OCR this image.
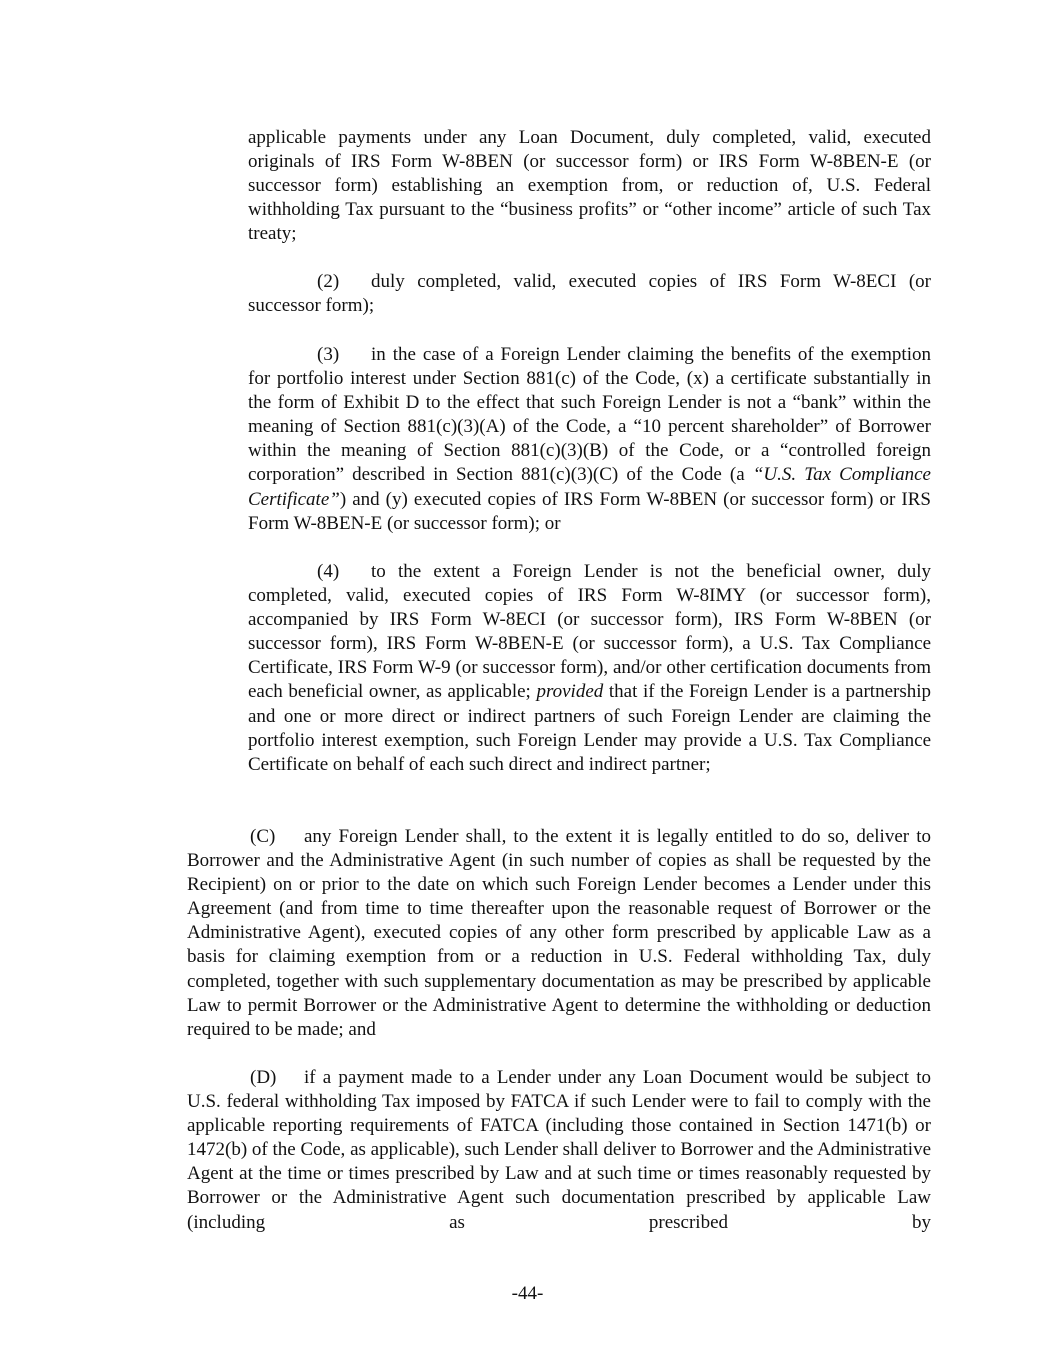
applicable payments under any Loan Document, duly completed, valid, executed originals of IRS Form W-8BEN (or successor form) or IRS Form W-8BEN-E (or successor form) establishing an exemption from, or reduction of, U.S. Federal withholding Tax pursuant to the “business profits” or “other income” article of such Tax treaty;

(2) duly completed, valid, executed copies of IRS Form W-8ECI (or successor form);

(3) in the case of a Foreign Lender claiming the benefits of the exemption for portfolio interest under Section 881(c) of the Code, (x) a certificate substantially in the form of Exhibit D to the effect that such Foreign Lender is not a “bank” within the meaning of Section 881(c)(3)(A) of the Code, a “10 percent shareholder” of Borrower within the meaning of Section 881(c)(3)(B) of the Code, or a “controlled foreign corporation” described in Section 881(c)(3)(C) of the Code (a “U.S. Tax Compliance Certificate”) and (y) executed copies of IRS Form W-8BEN (or successor form) or IRS Form W-8BEN-E (or successor form); or

(4) to the extent a Foreign Lender is not the beneficial owner, duly completed, valid, executed copies of IRS Form W-8IMY (or successor form), accompanied by IRS Form W-8ECI (or successor form), IRS Form W-8BEN (or successor form), IRS Form W-8BEN-E (or successor form), a U.S. Tax Compliance Certificate, IRS Form W-9 (or successor form), and/or other certification documents from each beneficial owner, as applicable; provided that if the Foreign Lender is a partnership and one or more direct or indirect partners of such Foreign Lender are claiming the portfolio interest exemption, such Foreign Lender may provide a U.S. Tax Compliance Certificate on behalf of each such direct and indirect partner;

(C) any Foreign Lender shall, to the extent it is legally entitled to do so, deliver to Borrower and the Administrative Agent (in such number of copies as shall be requested by the Recipient) on or prior to the date on which such Foreign Lender becomes a Lender under this Agreement (and from time to time thereafter upon the reasonable request of Borrower or the Administrative Agent), executed copies of any other form prescribed by applicable Law as a basis for claiming exemption from or a reduction in U.S. Federal withholding Tax, duly completed, together with such supplementary documentation as may be prescribed by applicable Law to permit Borrower or the Administrative Agent to determine the withholding or deduction required to be made; and

(D) if a payment made to a Lender under any Loan Document would be subject to U.S. federal withholding Tax imposed by FATCA if such Lender were to fail to comply with the applicable reporting requirements of FATCA (including those contained in Section 1471(b) or 1472(b) of the Code, as applicable), such Lender shall deliver to Borrower and the Administrative Agent at the time or times prescribed by Law and at such time or times reasonably requested by Borrower or the Administrative Agent such documentation prescribed by applicable Law (including as prescribed by

-44-
